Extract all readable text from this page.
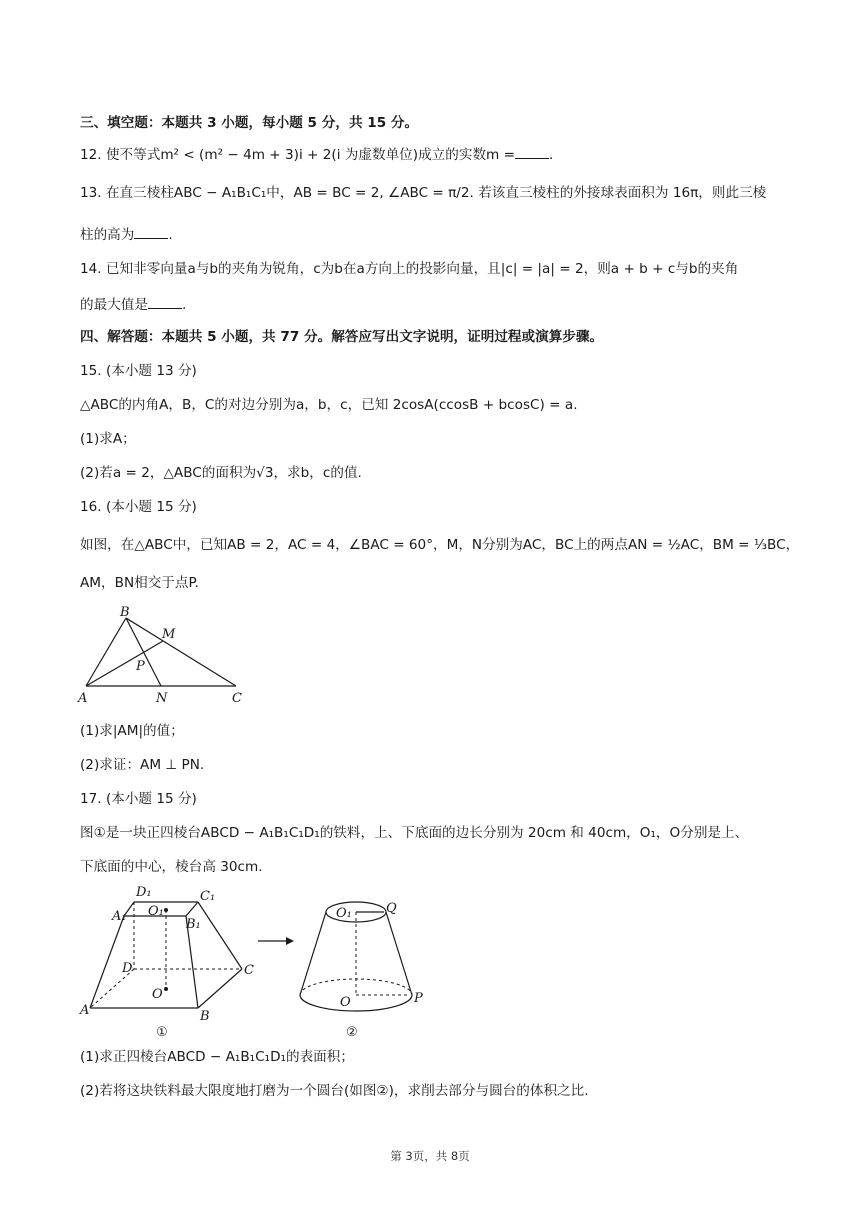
三、填空题：本题共 3 小题，每小题 5 分，共 15 分。
12. 使不等式m² < (m² − 4m + 3)i + 2(i 为虚数单位)成立的实数m =	.
13. 在直三棱柱ABC − A₁B₁C₁中，AB = BC = 2, ∠ABC = π/2. 若该直三棱柱的外接球表面积为 16π，则此三棱
柱的高为	.
14. 已知非零向量a与b的夹角为锐角，c为b在a方向上的投影向量，且|c| = |a| = 2，则a + b + c与b的夹角
的最大值是	.
四、解答题：本题共 5 小题，共 77 分。解答应写出文字说明，证明过程或演算步骤。
15. (本小题 13 分)
△ABC的内角A，B，C的对边分别为a，b，c，已知 2cosA(ccosB + bcosC) = a.
(1)求A；
(2)若a = 2，△ABC的面积为√3，求b，c的值.
16. (本小题 15 分)
如图，在△ABC中，已知AB = 2，AC = 4，∠BAC = 60°，M，N分别为AC，BC上的两点AN = ½AC，BM = ⅓BC，
AM，BN相交于点P.
B
M
P
A	N	C
(1)求|AM|的值；
(2)求证：AM ⊥ PN.
17. (本小题 15 分)
图①是一块正四棱台ABCD − A₁B₁C₁D₁的铁料，上、下底面的边长分别为 20cm 和 40cm，O₁，O分别是上、
下底面的中心，棱台高 30cm.
D₁	C₁
A₁ O₁
B₁
D	C
O
A	B
①
O₁	Q
O	P
②
(1)求正四棱台ABCD − A₁B₁C₁D₁的表面积；
(2)若将这块铁料最大限度地打磨为一个圆台(如图②)，求削去部分与圆台的体积之比.
第 3页，共 8页
